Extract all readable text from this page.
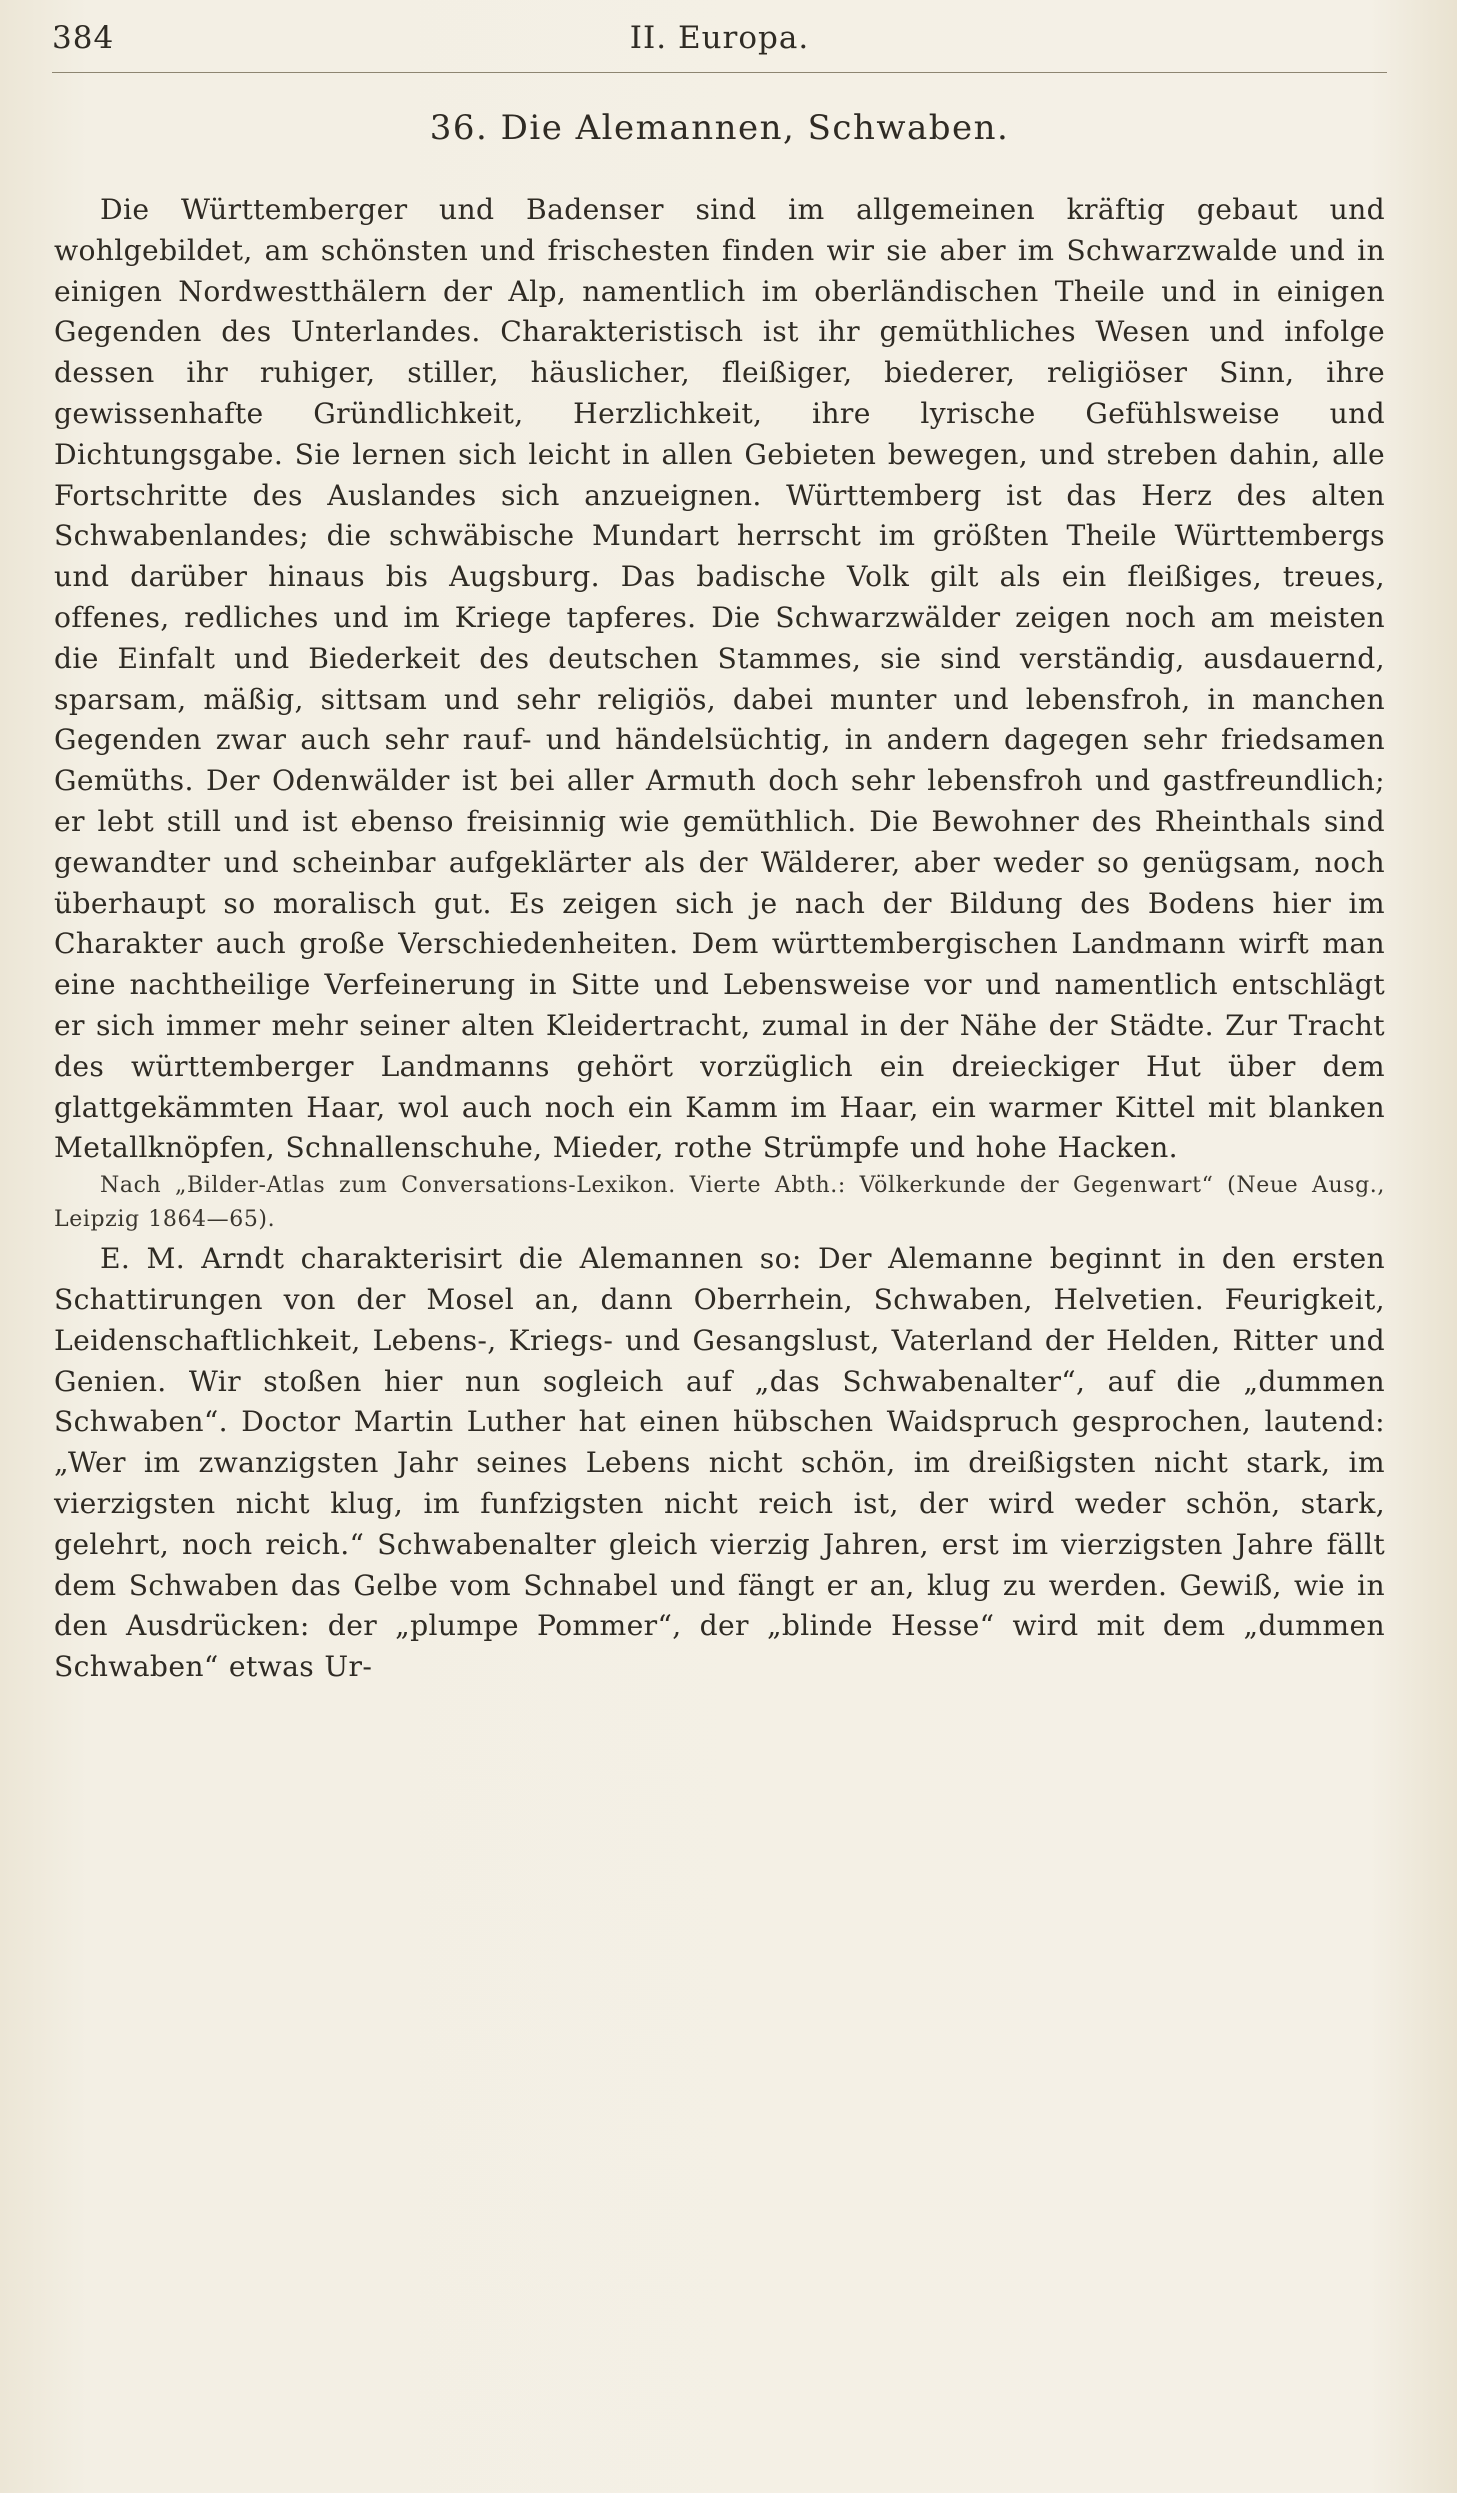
384	II. Europa.
36. Die Alemannen, Schwaben.

Die Württemberger und Badenser sind im allgemeinen kräftig gebaut und wohlgebildet, am schönsten und frischesten finden wir sie aber im Schwarzwalde und in einigen Nordwestthälern der Alp, namentlich im oberländischen Theile und in einigen Gegenden des Unterlandes. Charakteristisch ist ihr gemüthliches Wesen und infolge dessen ihr ruhiger, stiller, häuslicher, fleißiger, biederer, religiöser Sinn, ihre gewissenhafte Gründlichkeit, Herzlichkeit, ihre lyrische Gefühlsweise und Dichtungsgabe. Sie lernen sich leicht in allen Gebieten bewegen, und streben dahin, alle Fortschritte des Auslandes sich anzueignen. Württemberg ist das Herz des alten Schwabenlandes; die schwäbische Mundart herrscht im größten Theile Württembergs und darüber hinaus bis Augsburg. Das badische Volk gilt als ein fleißiges, treues, offenes, redliches und im Kriege tapferes. Die Schwarzwälder zeigen noch am meisten die Einfalt und Biederkeit des deutschen Stammes, sie sind verständig, ausdauernd, sparsam, mäßig, sittsam und sehr religiös, dabei munter und lebensfroh, in manchen Gegenden zwar auch sehr rauf- und händelsüchtig, in andern dagegen sehr friedsamen Gemüths. Der Odenwälder ist bei aller Armuth doch sehr lebensfroh und gastfreundlich; er lebt still und ist ebenso freisinnig wie gemüthlich. Die Bewohner des Rheinthals sind gewandter und scheinbar aufgeklärter als der Wälderer, aber weder so genügsam, noch überhaupt so moralisch gut. Es zeigen sich je nach der Bildung des Bodens hier im Charakter auch große Verschiedenheiten. Dem württembergischen Landmann wirft man eine nachtheilige Verfeinerung in Sitte und Lebensweise vor und namentlich entschlägt er sich immer mehr seiner alten Kleidertracht, zumal in der Nähe der Städte. Zur Tracht des württemberger Landmanns gehört vorzüglich ein dreieckiger Hut über dem glattgekämmten Haar, wol auch noch ein Kamm im Haar, ein warmer Kittel mit blanken Metallknöpfen, Schnallenschuhe, Mieder, rothe Strümpfe und hohe Hacken.

Nach „Bilder-Atlas zum Conversations-Lexikon. Vierte Abth.: Völkerkunde der Gegenwart“ (Neue Ausg., Leipzig 1864—65).

E. M. Arndt charakterisirt die Alemannen so: Der Alemanne beginnt in den ersten Schattirungen von der Mosel an, dann Oberrhein, Schwaben, Helvetien. Feurigkeit, Leidenschaftlichkeit, Lebens-, Kriegs- und Gesangslust, Vaterland der Helden, Ritter und Genien. Wir stoßen hier nun sogleich auf „das Schwabenalter“, auf die „dummen Schwaben“. Doctor Martin Luther hat einen hübschen Waidspruch gesprochen, lautend: „Wer im zwanzigsten Jahr seines Lebens nicht schön, im dreißigsten nicht stark, im vierzigsten nicht klug, im funfzigsten nicht reich ist, der wird weder schön, stark, gelehrt, noch reich.“ Schwabenalter gleich vierzig Jahren, erst im vierzigsten Jahre fällt dem Schwaben das Gelbe vom Schnabel und fängt er an, klug zu werden. Gewiß, wie in den Ausdrücken: der „plumpe Pommer“, der „blinde Hesse“ wird mit dem „dummen Schwaben“ etwas Ur-
